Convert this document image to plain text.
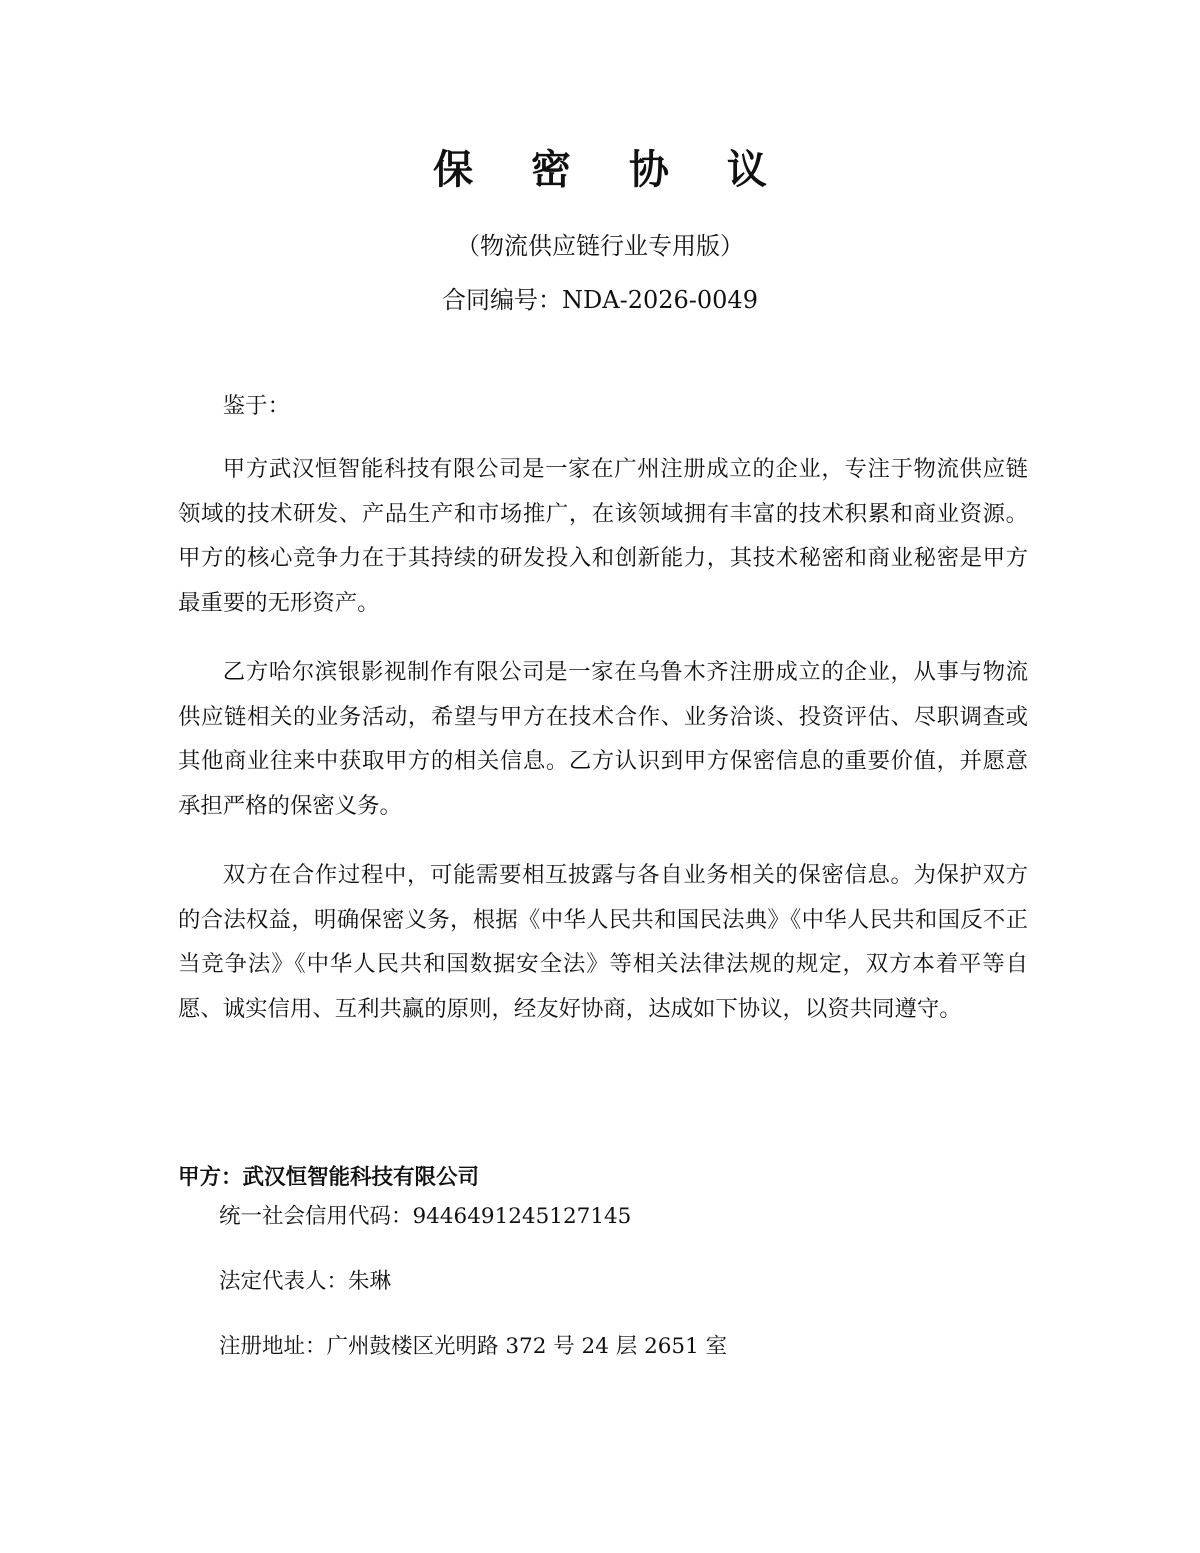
保 密 协 议
（物流供应链行业专用版）
合同编号：NDA-2026-0049

鉴于：

甲方武汉恒智能科技有限公司是一家在广州注册成立的企业，专注于物流供应链领域的技术研发、产品生产和市场推广，在该领域拥有丰富的技术积累和商业资源。甲方的核心竞争力在于其持续的研发投入和创新能力，其技术秘密和商业秘密是甲方最重要的无形资产。

乙方哈尔滨银影视制作有限公司是一家在乌鲁木齐注册成立的企业，从事与物流供应链相关的业务活动，希望与甲方在技术合作、业务洽谈、投资评估、尽职调查或其他商业往来中获取甲方的相关信息。乙方认识到甲方保密信息的重要价值，并愿意承担严格的保密义务。

双方在合作过程中，可能需要相互披露与各自业务相关的保密信息。为保护双方的合法权益，明确保密义务，根据《中华人民共和国民法典》《中华人民共和国反不正当竞争法》《中华人民共和国数据安全法》等相关法律法规的规定，双方本着平等自愿、诚实信用、互利共赢的原则，经友好协商，达成如下协议，以资共同遵守。

甲方：武汉恒智能科技有限公司
统一社会信用代码：9446491245127145
法定代表人：朱琳
注册地址：广州鼓楼区光明路 372 号 24 层 2651 室
